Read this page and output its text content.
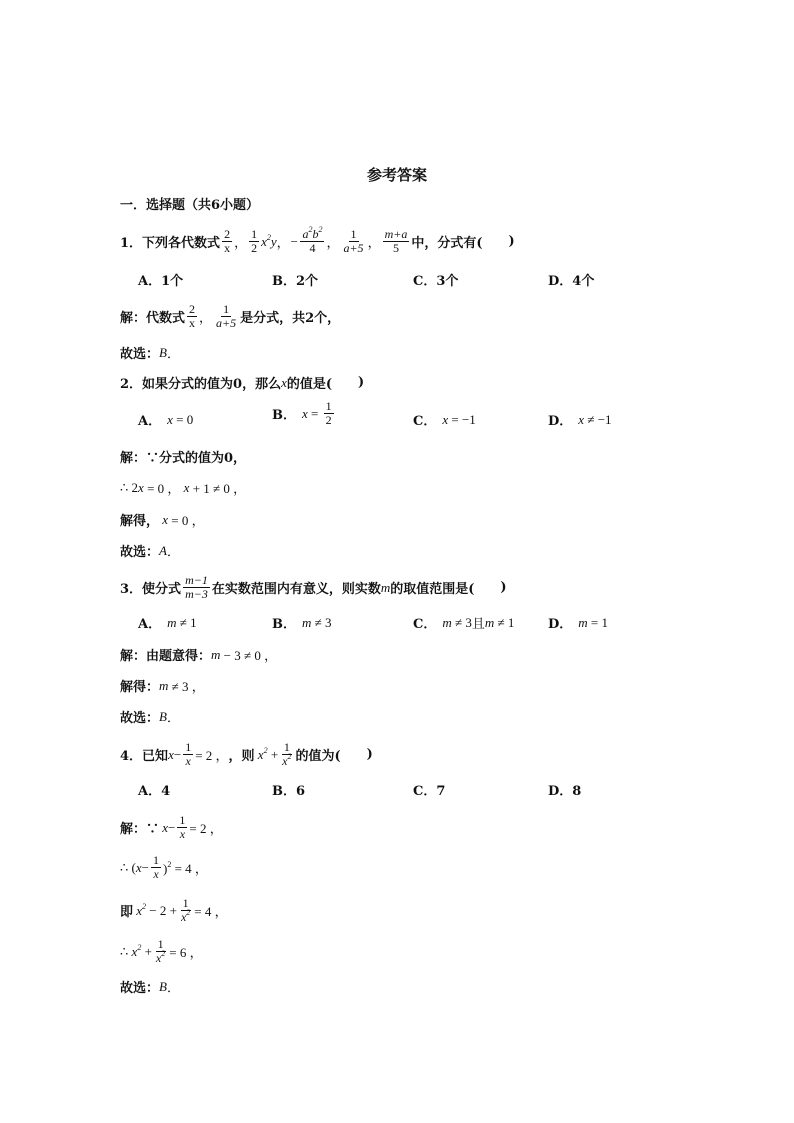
参考答案
一．选择题（共6小题）
1． 下列各代数式 $\frac{2}{x}$ ， $\frac{1}{2} x^2y$ ， − $\frac{a^2b^2}{4}$ ， $\frac{1}{a+5}$ ， $\frac{m+a}{5}$ 中，分式有( )
A．1个	B．2个	C．3个	D．4个
解：代数式 $\frac{2}{x}$ ， $\frac{1}{a+5}$ 是分式，共2个，
故选： B ．
2． 如果分式的值为0，那么 x 的值是( )
A． x = 0	B． $x = \frac{1}{2}$	C． x = −1	D． x ≠ −1
解：∵分式的值为0，
∴ 2 x = 0 ， x + 1 ≠ 0 ，
解得， x = 0 ，
故选： A ．
3． 使分式 $\frac{m-1}{m-3}$ 在实数范围内有意义，则实数 m 的取值范围是( )
A． m ≠ 1	B． m ≠ 3	C． m ≠ 3 且 m ≠ 1	D． m = 1
解：由题意得： m − 3 ≠ 0 ，
解得： m ≠ 3 ，
故选： B ．
4． 已知 $x - \frac{1}{x} = 2$ ， ，则 $x^2 + \frac{1}{x^2}$ 的值为( )
A．4	B．6	C．7	D．8
解：∵ $x - \frac{1}{x} = 2$ ，
∴ ( $x - \frac{1}{x} )^2 = 4$ ，
即 $x^2 - 2 + \frac{1}{x^2} = 4$ ，
∴ $x^2 + \frac{1}{x^2} = 6$ ，
故选： B ．
